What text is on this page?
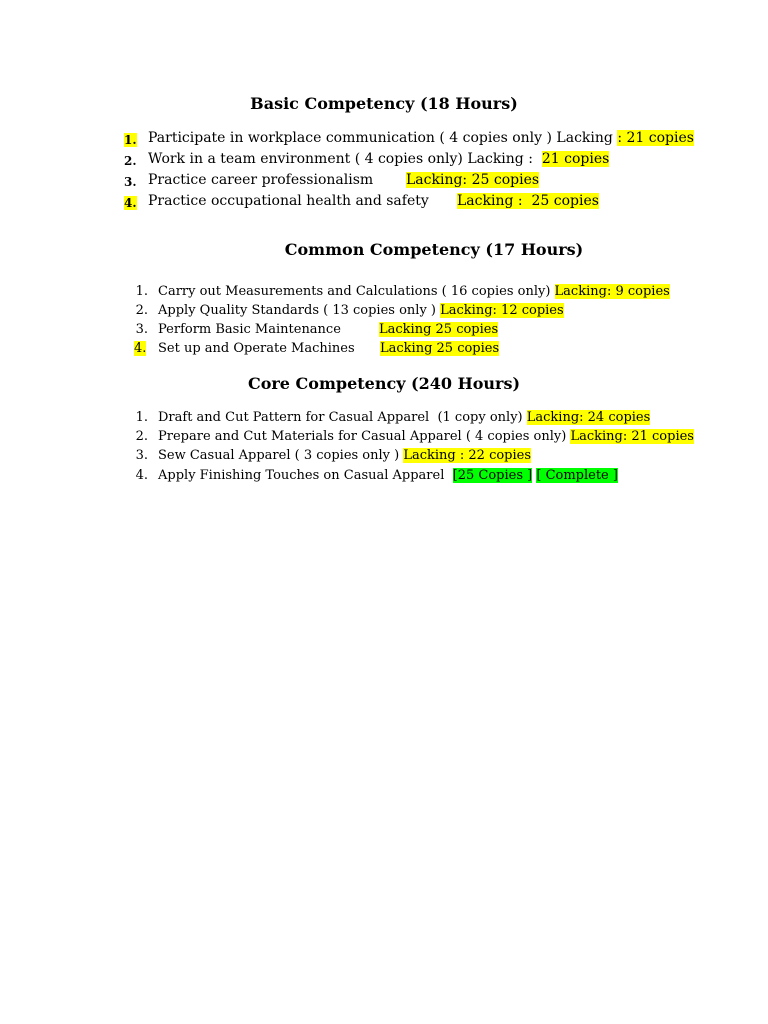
Basic Competency (18 Hours)
1. Participate in workplace communication ( 4 copies only ) Lacking : 21 copies
2. Work in a team environment ( 4 copies only) Lacking :  21 copies
3. Practice career professionalism Lacking: 25 copies
4. Practice occupational health and safety Lacking :  25 copies
Common Competency (17 Hours)
1. Carry out Measurements and Calculations ( 16 copies only) Lacking: 9 copies
2. Apply Quality Standards ( 13 copies only ) Lacking: 12 copies
3. Perform Basic Maintenance	Lacking 25 copies
4. Set up and Operate Machines Lacking 25 copies
Core Competency (240 Hours)
1. Draft and Cut Pattern for Casual Apparel  (1 copy only) Lacking: 24 copies
2. Prepare and Cut Materials for Casual Apparel ( 4 copies only) Lacking: 21 copies
3. Sew Casual Apparel ( 3 copies only ) Lacking : 22 copies
4. Apply Finishing Touches on Casual Apparel  [25 Copies ] [ Complete ]
